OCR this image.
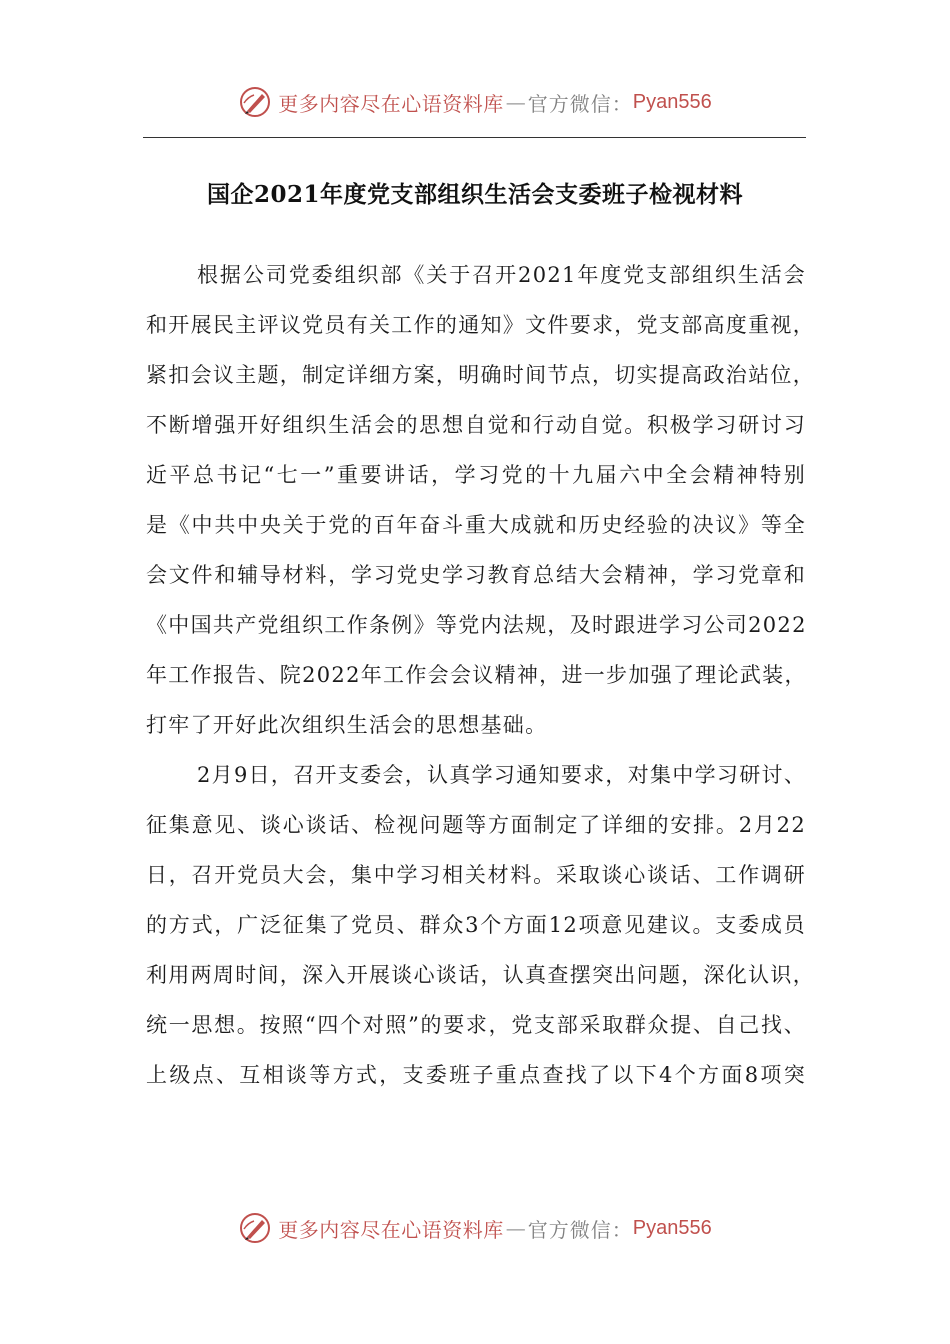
更多内容尽在心语资料库 — 官方微信： Pyan556
国企2021年度党支部组织生活会支委班子检视材料
根据公司党委组织部《关于召开2021年度党支部组织生活会
和开展民主评议党员有关工作的通知》文件要求，党支部高度重视，
紧扣会议主题，制定详细方案，明确时间节点，切实提高政治站位，
不断增强开好组织生活会的思想自觉和行动自觉。积极学习研讨习
近平总书记“七一”重要讲话，学习党的十九届六中全会精神特别
是《中共中央关于党的百年奋斗重大成就和历史经验的决议》等全
会文件和辅导材料，学习党史学习教育总结大会精神，学习党章和
《中国共产党组织工作条例》等党内法规，及时跟进学习公司2022
年工作报告、院2022年工作会会议精神，进一步加强了理论武装，
打牢了开好此次组织生活会的思想基础。
2月9日，召开支委会，认真学习通知要求，对集中学习研讨、
征集意见、谈心谈话、检视问题等方面制定了详细的安排。2月22
日，召开党员大会，集中学习相关材料。采取谈心谈话、工作调研
的方式，广泛征集了党员、群众3个方面12项意见建议。支委成员
利用两周时间，深入开展谈心谈话，认真查摆突出问题，深化认识，
统一思想。按照“四个对照”的要求，党支部采取群众提、自己找、
上级点、互相谈等方式，支委班子重点查找了以下4个方面8项突
更多内容尽在心语资料库 — 官方微信： Pyan556
